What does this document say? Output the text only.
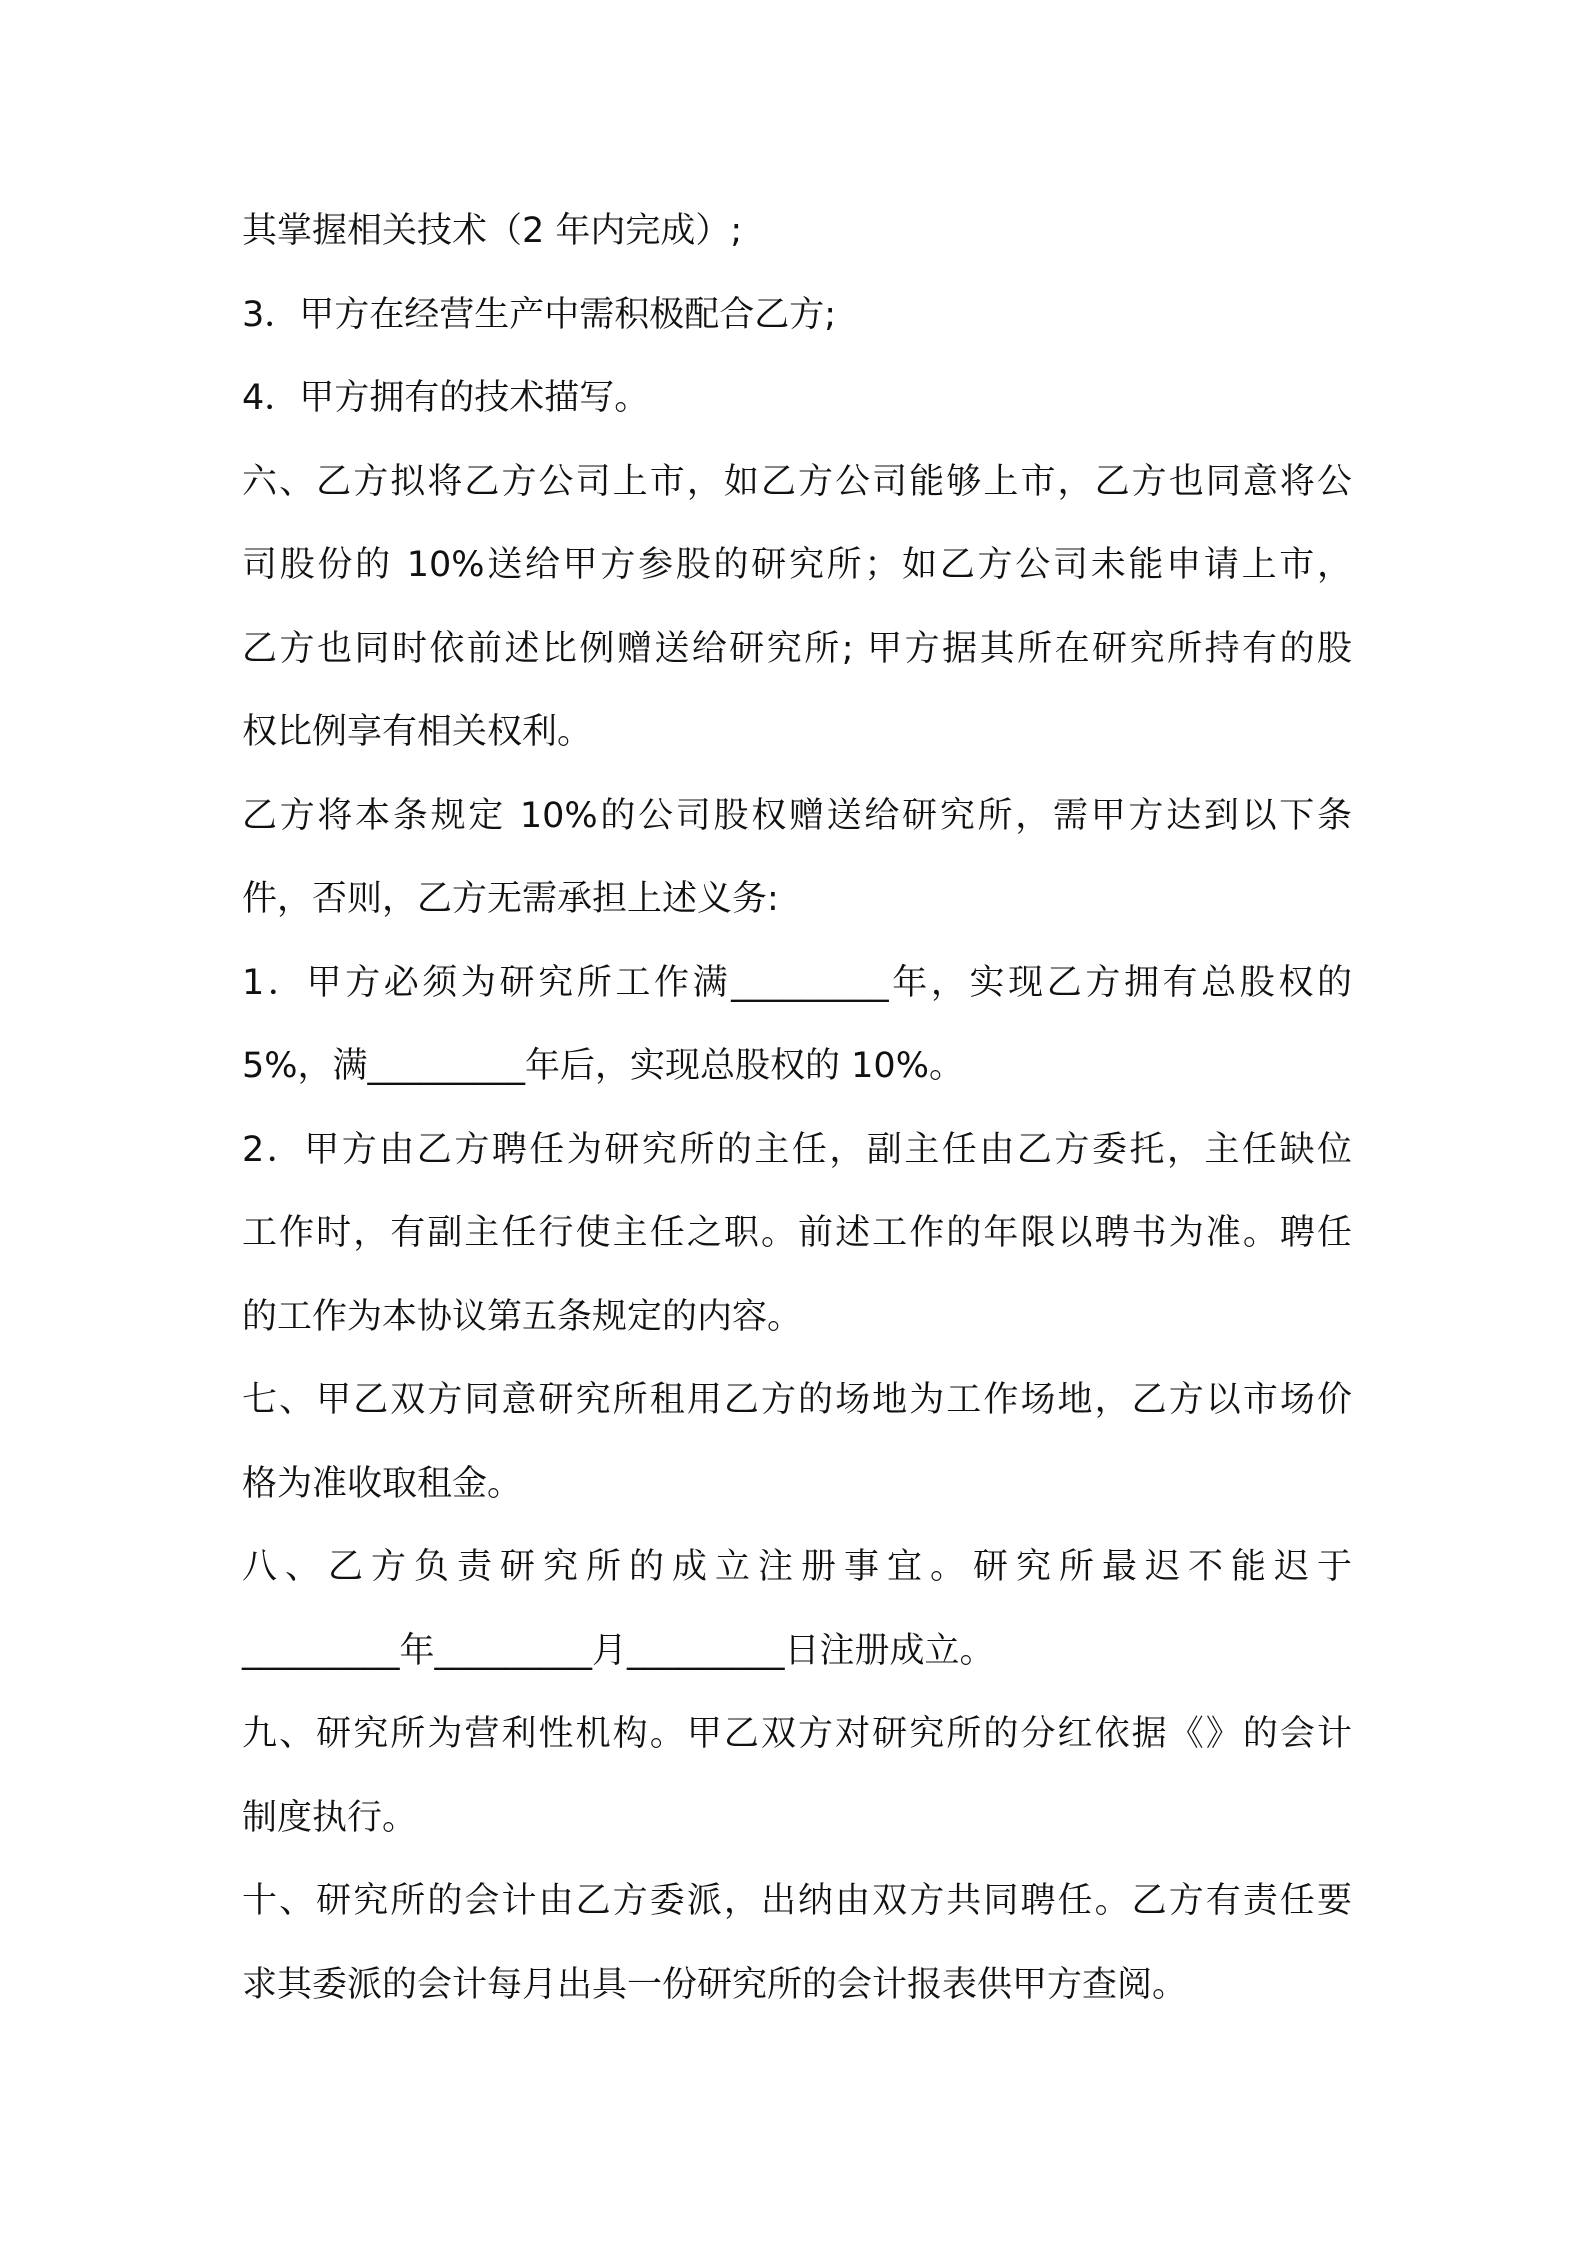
其掌握相关技术（2 年内完成）;
3．甲方在经营生产中需积极配合乙方;
4．甲方拥有的技术描写。
六、乙方拟将乙方公司上市，如乙方公司能够上市，乙方也同意将公
司股份的 10%送给甲方参股的研究所；如乙方公司未能申请上市，
乙方也同时依前述比例赠送给研究所; 甲方据其所在研究所持有的股
权比例享有相关权利。
乙方将本条规定 10%的公司股权赠送给研究所，需甲方达到以下条
件，否则，乙方无需承担上述义务:
1．甲方必须为研究所工作满_________年，实现乙方拥有总股权的
5%，满_________年后，实现总股权的 10%。
2．甲方由乙方聘任为研究所的主任，副主任由乙方委托，主任缺位
工作时，有副主任行使主任之职。前述工作的年限以聘书为准。聘任
的工作为本协议第五条规定的内容。
七、甲乙双方同意研究所租用乙方的场地为工作场地，乙方以市场价
格为准收取租金。
八、乙方负责研究所的成立注册事宜。研究所最迟不能迟于
_________年_________月_________日注册成立。
九、研究所为营利性机构。甲乙双方对研究所的分红依据《》的会计
制度执行。
十、研究所的会计由乙方委派，出纳由双方共同聘任。乙方有责任要
求其委派的会计每月出具一份研究所的会计报表供甲方查阅。
